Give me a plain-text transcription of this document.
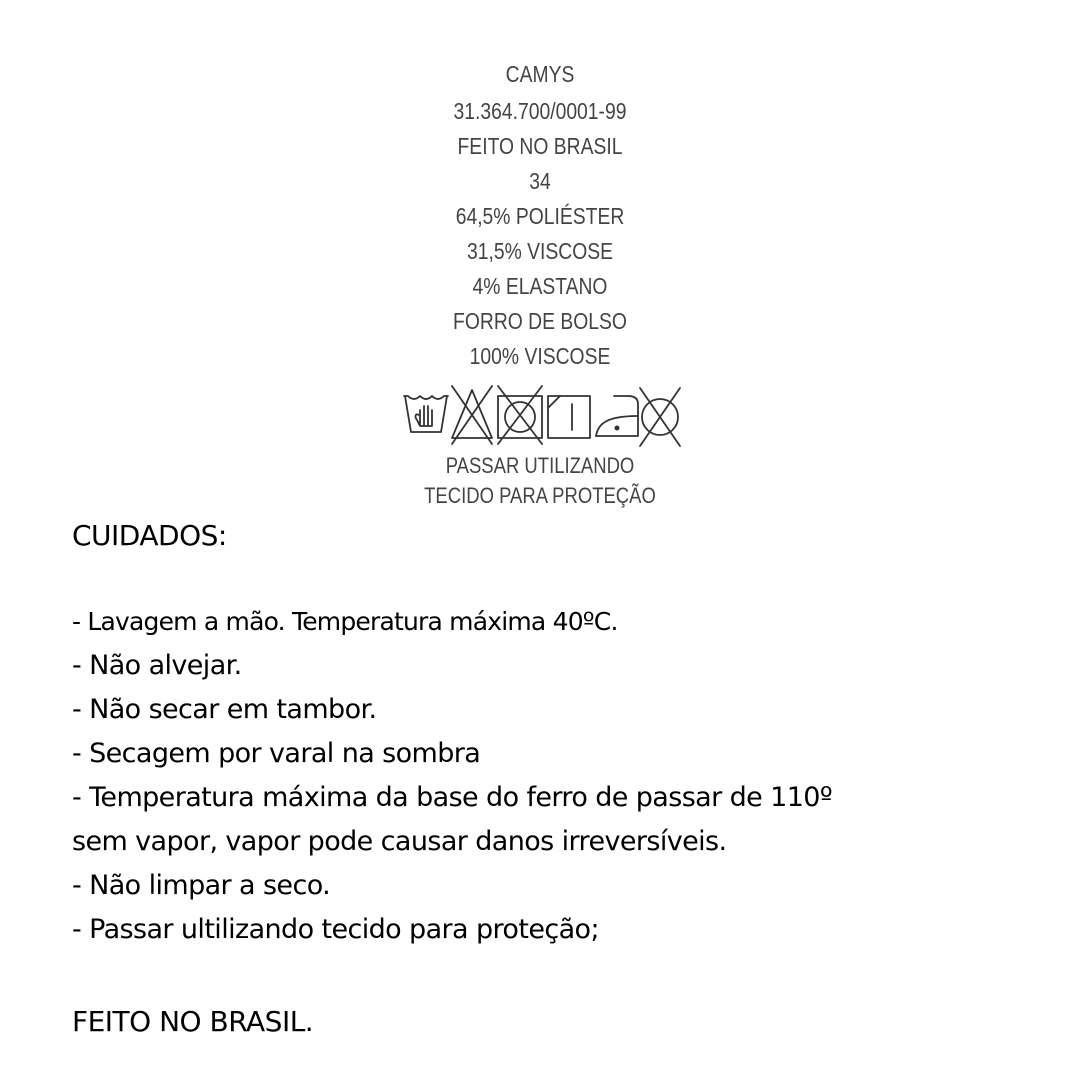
CAMYS
31.364.700/0001-99
FEITO NO BRASIL
34
64,5% POLIÉSTER
31,5% VISCOSE
4% ELASTANO
FORRO DE BOLSO
100% VISCOSE
PASSAR UTILIZANDO
TECIDO PARA PROTEÇÃO
CUIDADOS:
- Lavagem a mão. Temperatura máxima 40ºC.
- Não alvejar.
- Não secar em tambor.
- Secagem por varal na sombra
- Temperatura máxima da base do ferro de passar de 110º
sem vapor, vapor pode causar danos irreversíveis.
- Não limpar a seco.
- Passar ultilizando tecido para proteção;
FEITO NO BRASIL.
